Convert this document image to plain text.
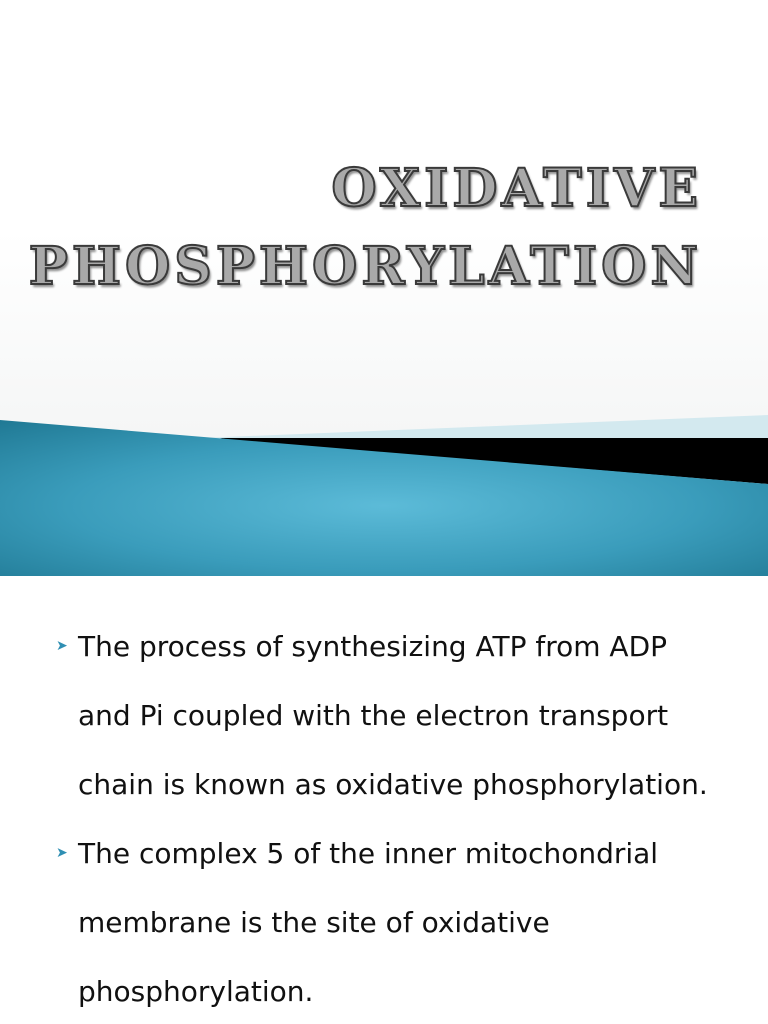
OXIDATIVE
PHOSPHORYLATION
➤ The process of synthesizing ATP from ADP
and Pi coupled with the electron transport
chain is known as oxidative phosphorylation.
➤ The complex 5 of the inner mitochondrial
membrane is the site of oxidative
phosphorylation.
